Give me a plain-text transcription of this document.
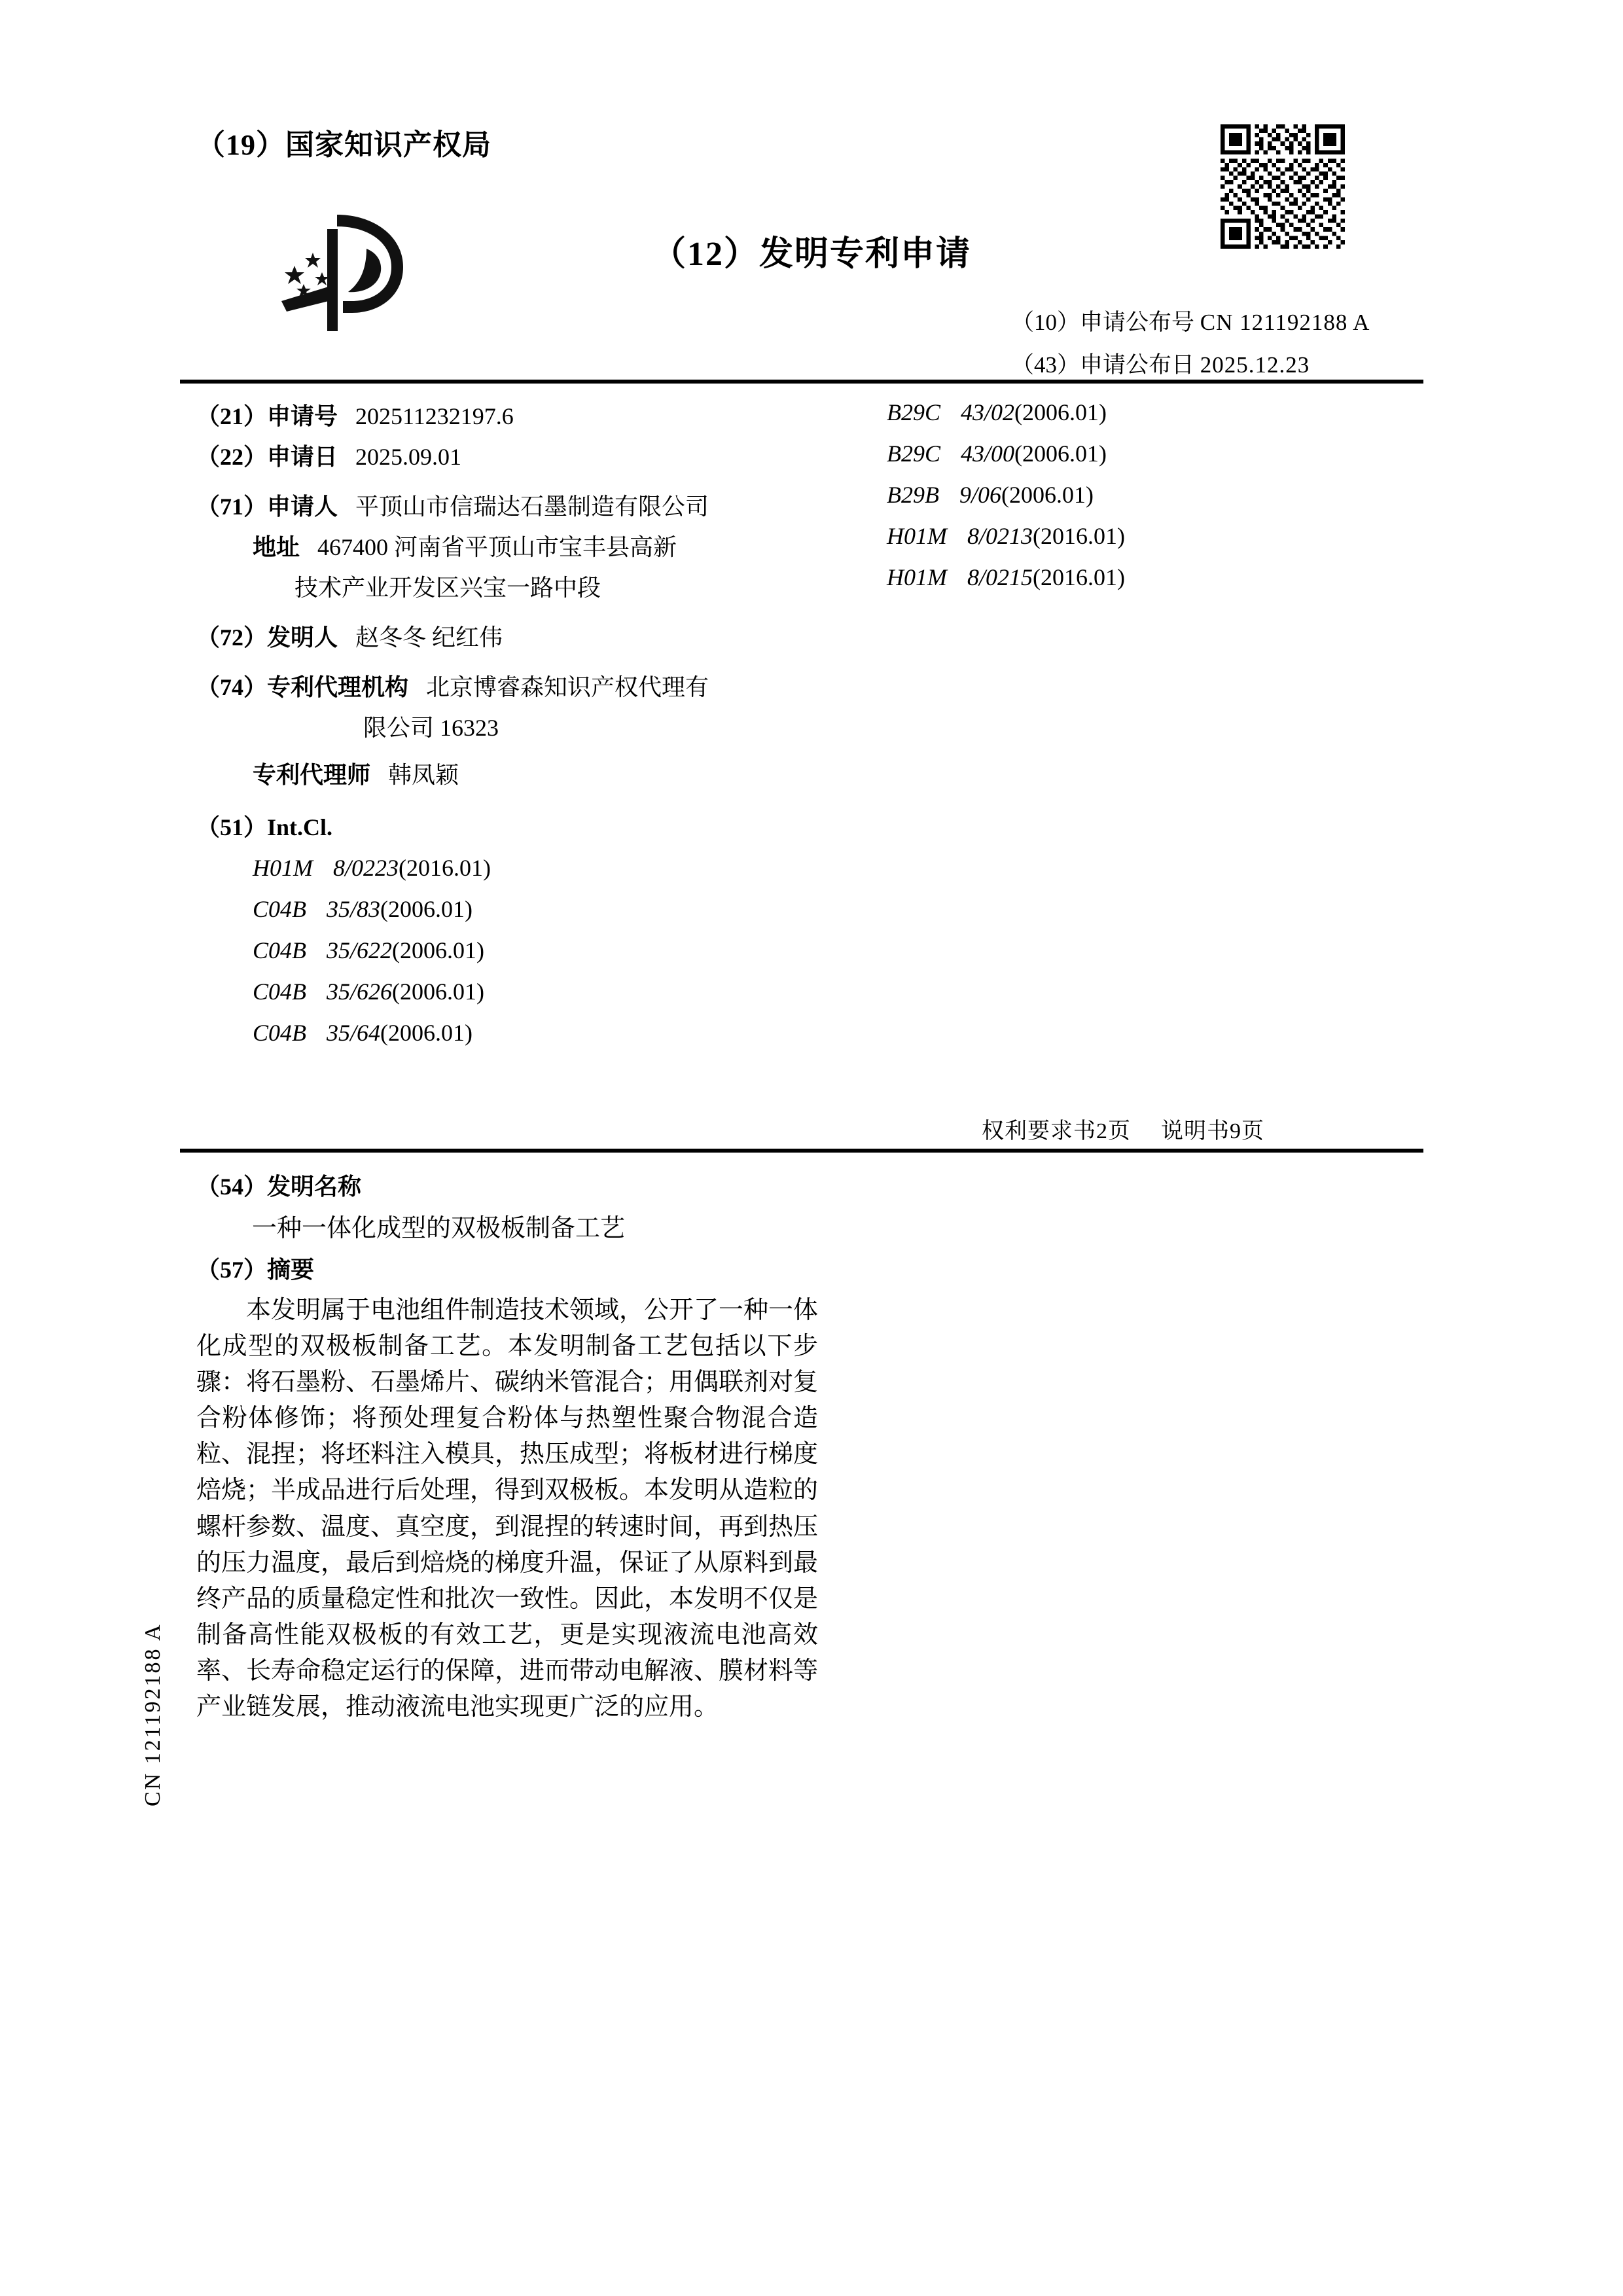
CN 121192188 A
（19）国家知识产权局
（12）发明专利申请
（10）申请公布号 CN 121192188 A
（43）申请公布日 2025.12.23
（21）申请号 202511232197.6
（22）申请日 2025.09.01
（71）申请人 平顶山市信瑞达石墨制造有限公司
地址 467400 河南省平顶山市宝丰县高新
技术产业开发区兴宝一路中段
（72）发明人 赵冬冬 纪红伟
（74）专利代理机构 北京博睿森知识产权代理有
限公司 16323
专利代理师 韩凤颖
（51）Int.Cl.
H01M 8/0223(2016.01)
C04B 35/83(2006.01)
C04B 35/622(2006.01)
C04B 35/626(2006.01)
C04B 35/64(2006.01)
B29C 43/02(2006.01)
B29C 43/00(2006.01)
B29B 9/06(2006.01)
H01M 8/0213(2016.01)
H01M 8/0215(2016.01)
权利要求书2页 说明书9页
（54）发明名称
一种一体化成型的双极板制备工艺
（57）摘要

本发明属于电池组件制造技术领域，公开了一种一体化成型的双极板制备工艺。本发明制备工艺包括以下步骤：将石墨粉、石墨烯片、碳纳米管混合；用偶联剂对复合粉体修饰；将预处理复合粉体与热塑性聚合物混合造粒、混捏；将坯料注入模具，热压成型；将板材进行梯度焙烧；半成品进行后处理，得到双极板。本发明从造粒的螺杆参数、温度、真空度，到混捏的转速时间，再到热压的压力温度，最后到焙烧的梯度升温，保证了从原料到最终产品的质量稳定性和批次一致性。因此，本发明不仅是制备高性能双极板的有效工艺，更是实现液流电池高效率、长寿命稳定运行的保障，进而带动电解液、膜材料等产业链发展，推动液流电池实现更广泛的应用。
